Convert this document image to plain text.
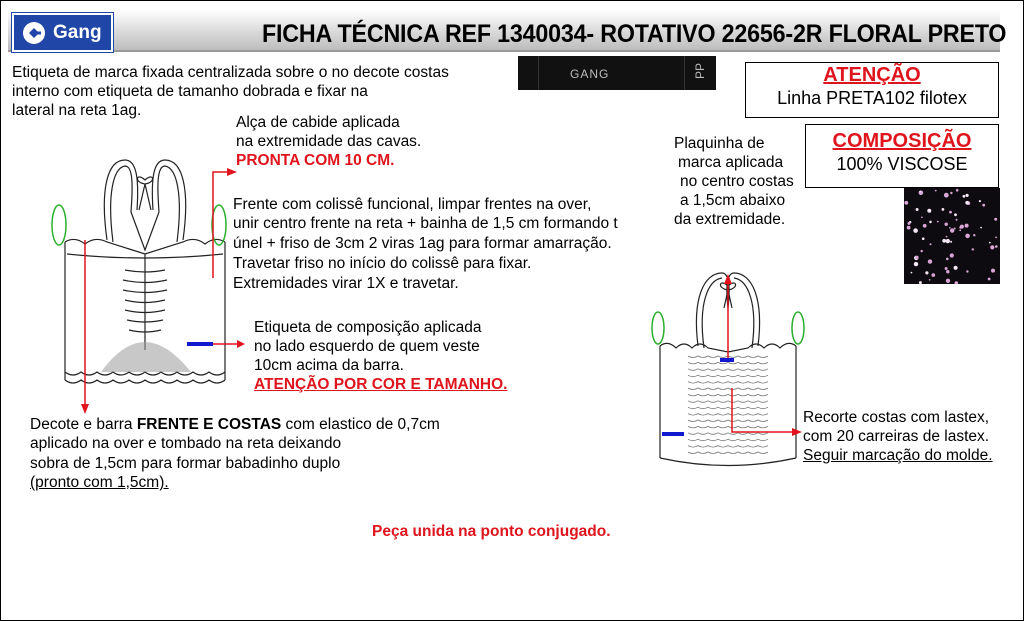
Gang	FICHA TÉCNICA REF 1340034- ROTATIVO 22656-2R FLORAL PRETO
Etiqueta de marca fixada centralizada sobre o no decote costas
interno com etiqueta de tamanho dobrada e fixar na
lateral na reta 1ag.
GANG	PP	ATENÇÃO
Linha PRETA102 filotex
COMPOSIÇÃO
100% VISCOSE
Alça de cabide aplicada
na extremidade das cavas.
PRONTA COM 10 CM.
Frente com colissê funcional, limpar frentes na over,
unir centro frente na reta + bainha de 1,5 cm formando t
únel + friso de 3cm 2 viras 1ag para formar amarração.
Travetar friso no início do colissê para fixar.
Extremidades virar 1X e travetar.
Etiqueta de composição aplicada
no lado esquerdo de quem veste
10cm acima da barra.
ATENÇÃO POR COR E TAMANHO.
Decote e barra FRENTE E COSTAS com elastico de 0,7cm
aplicado na over e tombado na reta deixando
sobra de 1,5cm para formar babadinho duplo
(pronto com 1,5cm).
Plaquinha de
marca aplicada
no centro costas
a 1,5cm abaixo
da extremidade.
Recorte costas com lastex,
com 20 carreiras de lastex.
Seguir marcação do molde.
Peça unida na ponto conjugado.
